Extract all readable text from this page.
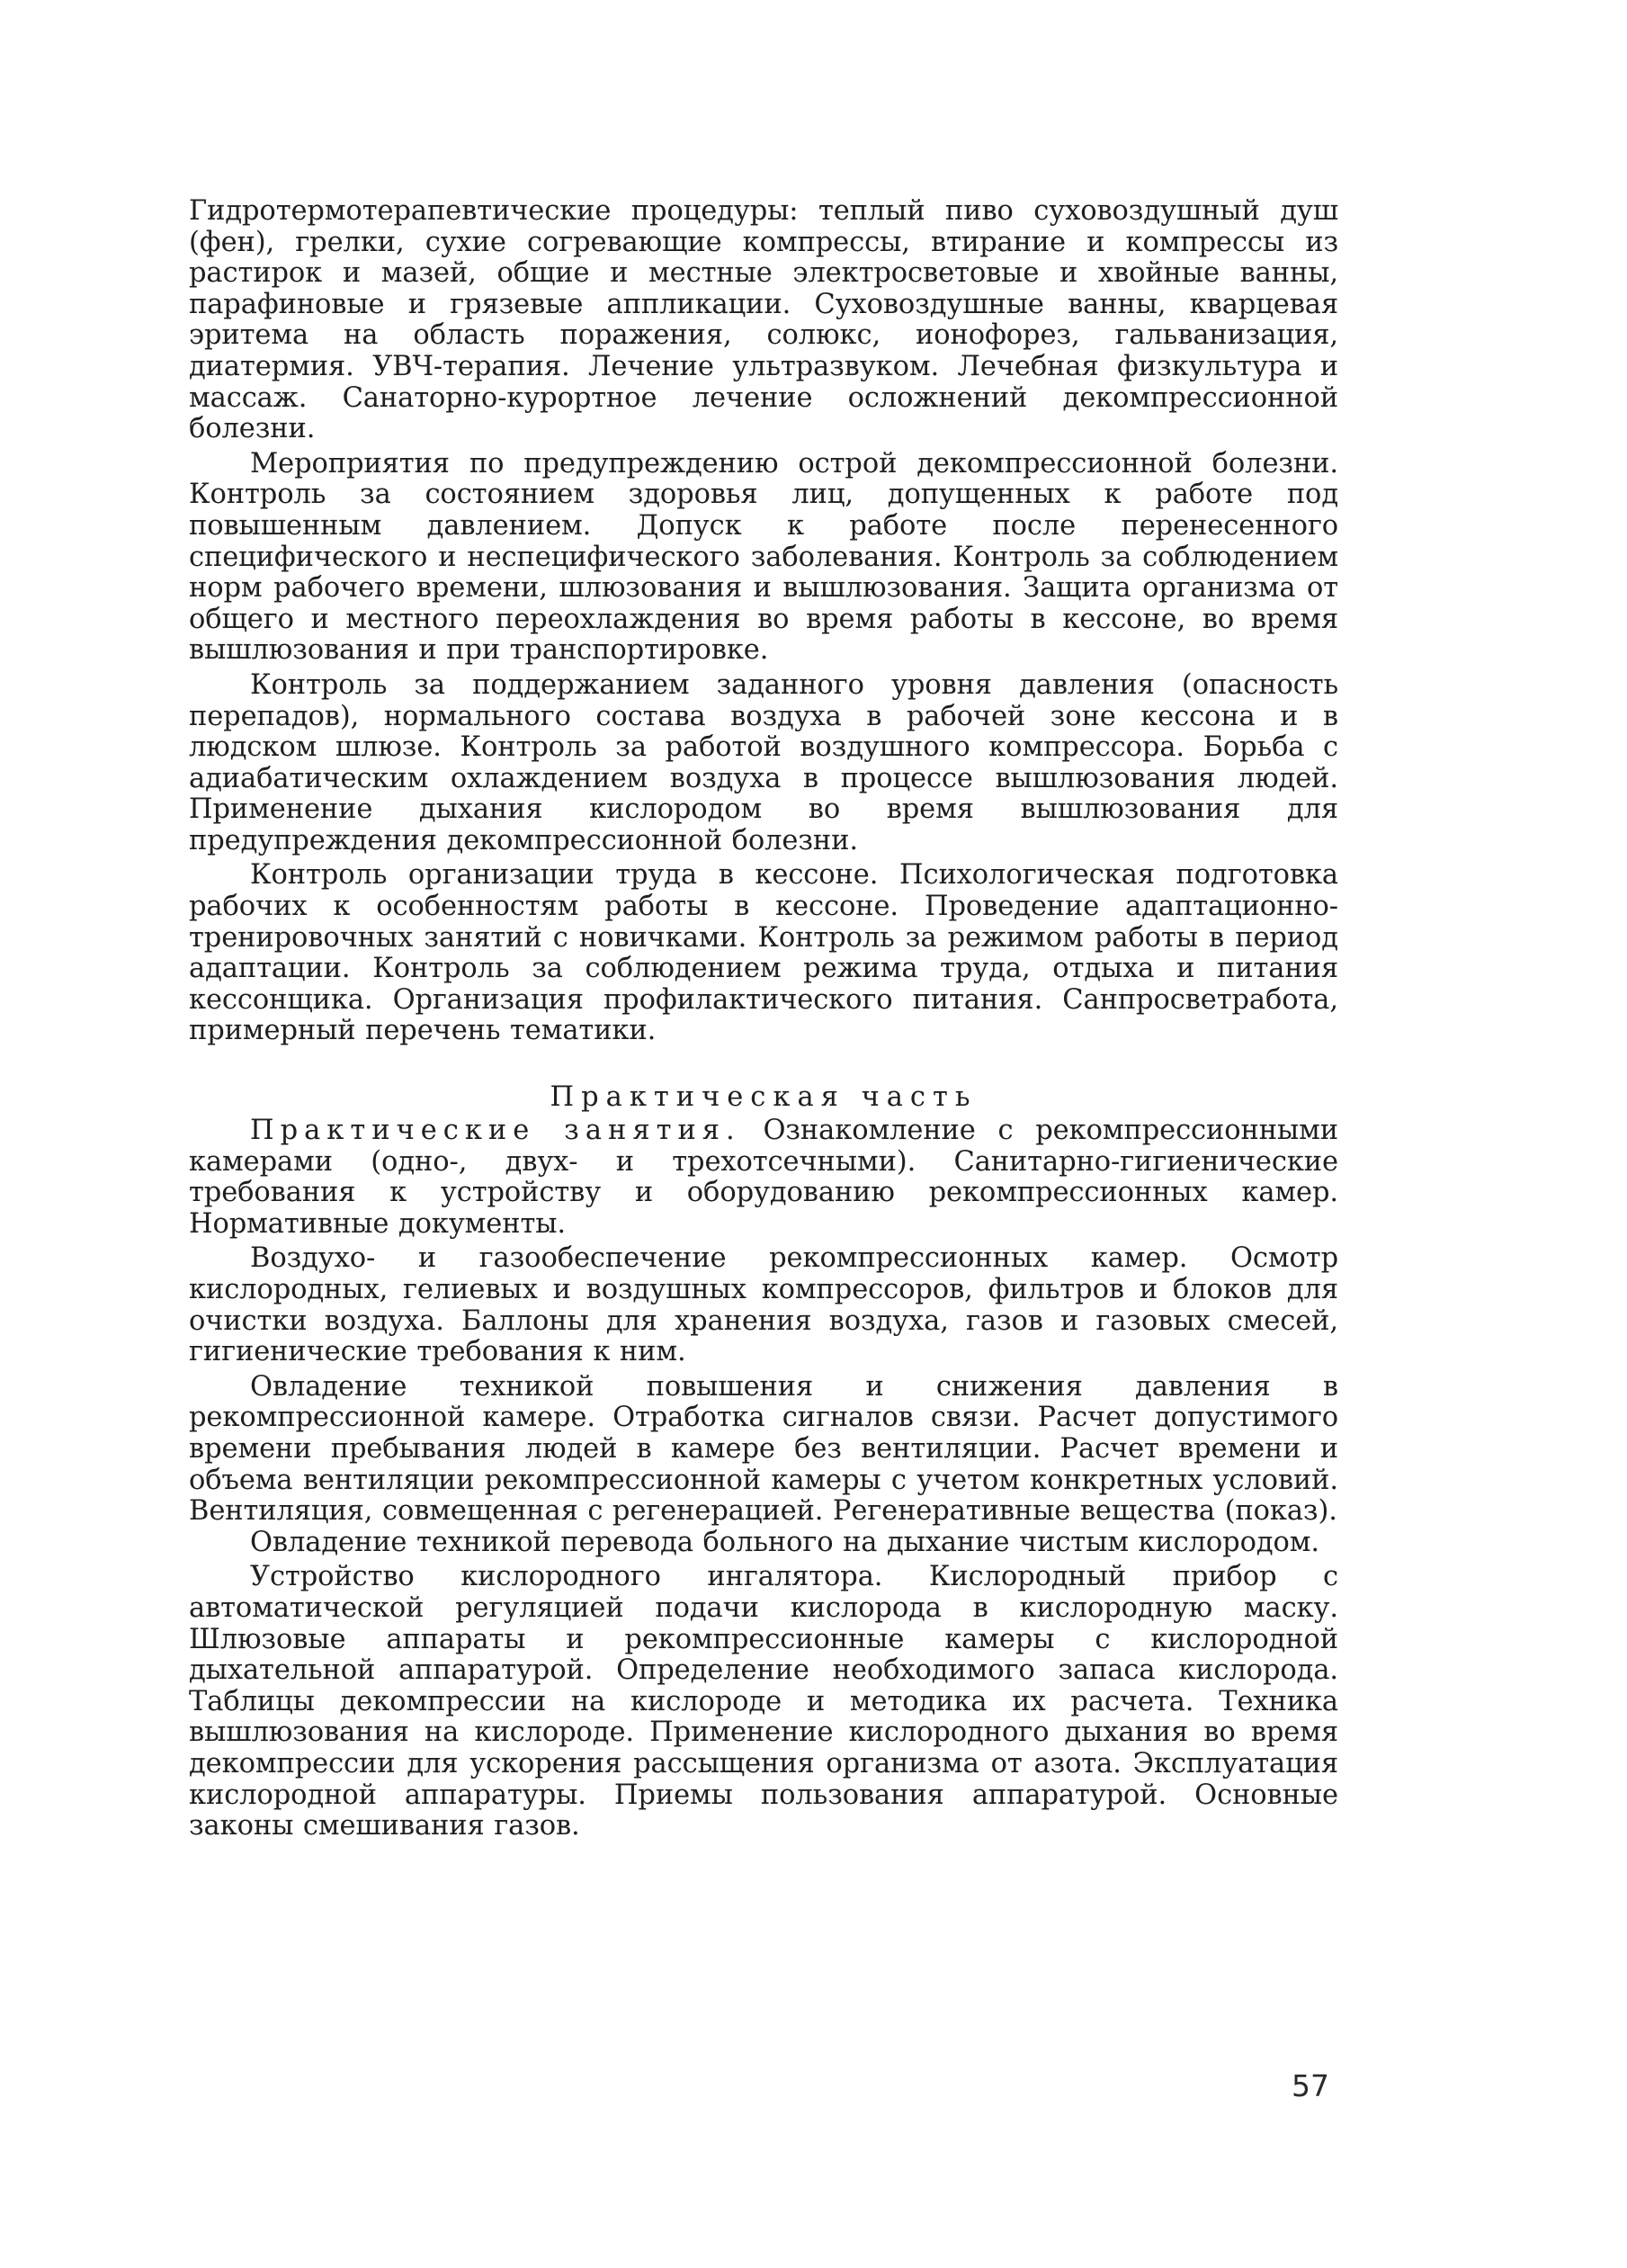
Гидротермотерапевтические процедуры: теплый пиво суховоздушный душ (фен), грелки, сухие согревающие компрессы, втирание и компрессы из растирок и мазей, общие и местные электросветовые и хвойные ванны, парафиновые и грязевые аппликации. Суховоздушные ванны, кварцевая эритема на область поражения, солюкс, ионофорез, гальванизация, диатермия. УВЧ-терапия. Лечение ультразвуком. Лечебная физкультура и массаж. Санаторно-курортное лечение осложнений декомпрессионной болезни.

Мероприятия по предупреждению острой декомпрессионной болезни. Контроль за состоянием здоровья лиц, допущенных к работе под повышенным давлением. Допуск к работе после перенесенного специфического и неспецифического заболевания. Контроль за соблюдением норм рабочего времени, шлюзования и вышлюзования. Защита организма от общего и местного переохлаждения во время работы в кессоне, во время вышлюзования и при транспортировке.

Контроль за поддержанием заданного уровня давления (опасность перепадов), нормального состава воздуха в рабочей зоне кессона и в людском шлюзе. Контроль за работой воздушного компрессора. Борьба с адиабатическим охлаждением воздуха в процессе вышлюзования людей. Применение дыхания кислородом во время вышлюзования для предупреждения декомпрессионной болезни.

Контроль организации труда в кессоне. Психологическая подготовка рабочих к особенностям работы в кессоне. Проведение адаптационно-тренировочных занятий с новичками. Контроль за режимом работы в период адаптации. Контроль за соблюдением режима труда, отдыха и питания кессонщика. Организация профилактического питания. Санпросветработа, примерный перечень тематики.

Практическая часть

Практические занятия. Ознакомление с рекомпрессионными камерами (одно-, двух- и трехотсечными). Санитарно-гигиенические требования к устройству и оборудованию рекомпрессионных камер. Нормативные документы.

Воздухо- и газообеспечение рекомпрессионных камер. Осмотр кислородных, гелиевых и воздушных компрессоров, фильтров и блоков для очистки воздуха. Баллоны для хранения воздуха, газов и газовых смесей, гигиенические требования к ним.

Овладение техникой повышения и снижения давления в рекомпрессионной камере. Отработка сигналов связи. Расчет допустимого времени пребывания людей в камере без вентиляции. Расчет времени и объема вентиляции рекомпрессионной камеры с учетом конкретных условий. Вентиляция, совмещенная с регенерацией. Регенеративные вещества (показ).

Овладение техникой перевода больного на дыхание чистым кислородом.

Устройство кислородного ингалятора. Кислородный прибор с автоматической регуляцией подачи кислорода в кислородную маску. Шлюзовые аппараты и рекомпрессионные камеры с кислородной дыхательной аппаратурой. Определение необходимого запаса кислорода. Таблицы декомпрессии на кислороде и методика их расчета. Техника вышлюзования на кислороде. Применение кислородного дыхания во время декомпрессии для ускорения рассыщения организма от азота. Эксплуатация кислородной аппаратуры. Приемы пользования аппаратурой. Основные законы смешивания газов.

57
